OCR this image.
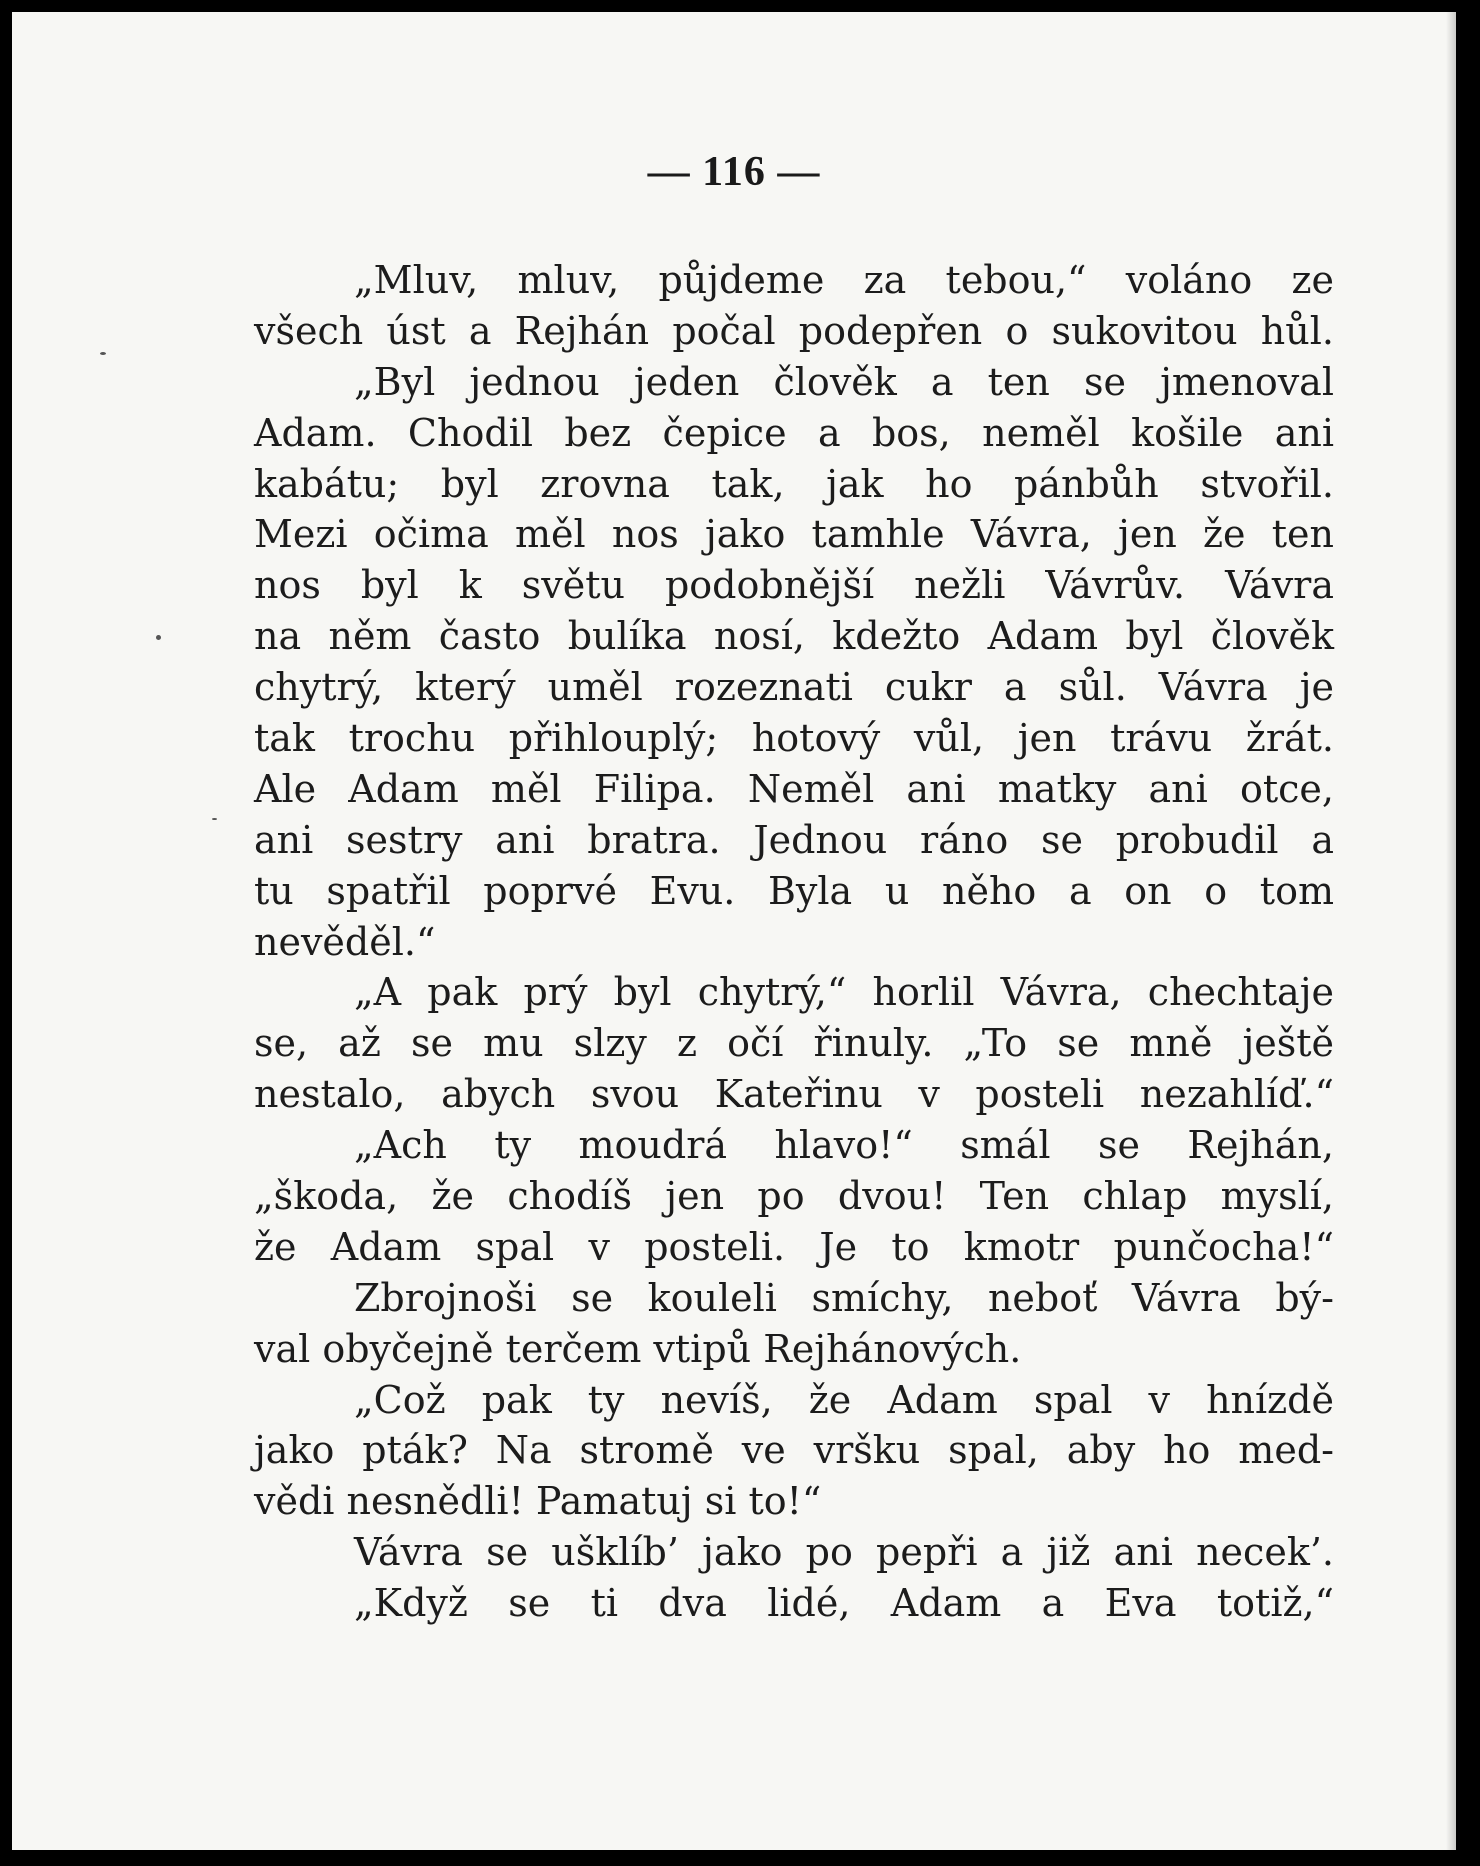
— 116 —
„Mluv, mluv, půjdeme za tebou,“ voláno ze
všech úst a Rejhán počal podepřen o sukovitou hůl.
„Byl jednou jeden člověk a ten se jmenoval
Adam. Chodil bez čepice a bos, neměl košile ani
kabátu; byl zrovna tak, jak ho pánbůh stvořil.
Mezi očima měl nos jako tamhle Vávra, jen že ten
nos byl k světu podobnější nežli Vávrův. Vávra
na něm často bulíka nosí, kdežto Adam byl člověk
chytrý, který uměl rozeznati cukr a sůl. Vávra je
tak trochu přihlouplý; hotový vůl, jen trávu žrát.
Ale Adam měl Filipa. Neměl ani matky ani otce,
ani sestry ani bratra. Jednou ráno se probudil a
tu spatřil poprvé Evu. Byla u něho a on o tom
nevěděl.“
„A pak prý byl chytrý,“ horlil Vávra, chechtaje
se, až se mu slzy z očí řinuly. „To se mně ještě
nestalo, abych svou Kateřinu v posteli nezahlíď.“
„Ach ty moudrá hlavo!“ smál se Rejhán,
„škoda, že chodíš jen po dvou! Ten chlap myslí,
že Adam spal v posteli. Je to kmotr punčocha!“
Zbrojnoši se kouleli smíchy, neboť Vávra bý-
val obyčejně terčem vtipů Rejhánových.
„Což pak ty nevíš, že Adam spal v hnízdě
jako pták? Na stromě ve vršku spal, aby ho med-
vědi nesnědli! Pamatuj si to!“
Vávra se ušklíb’ jako po pepři a již ani necek’.
„Když se ti dva lidé, Adam a Eva totiž,“
